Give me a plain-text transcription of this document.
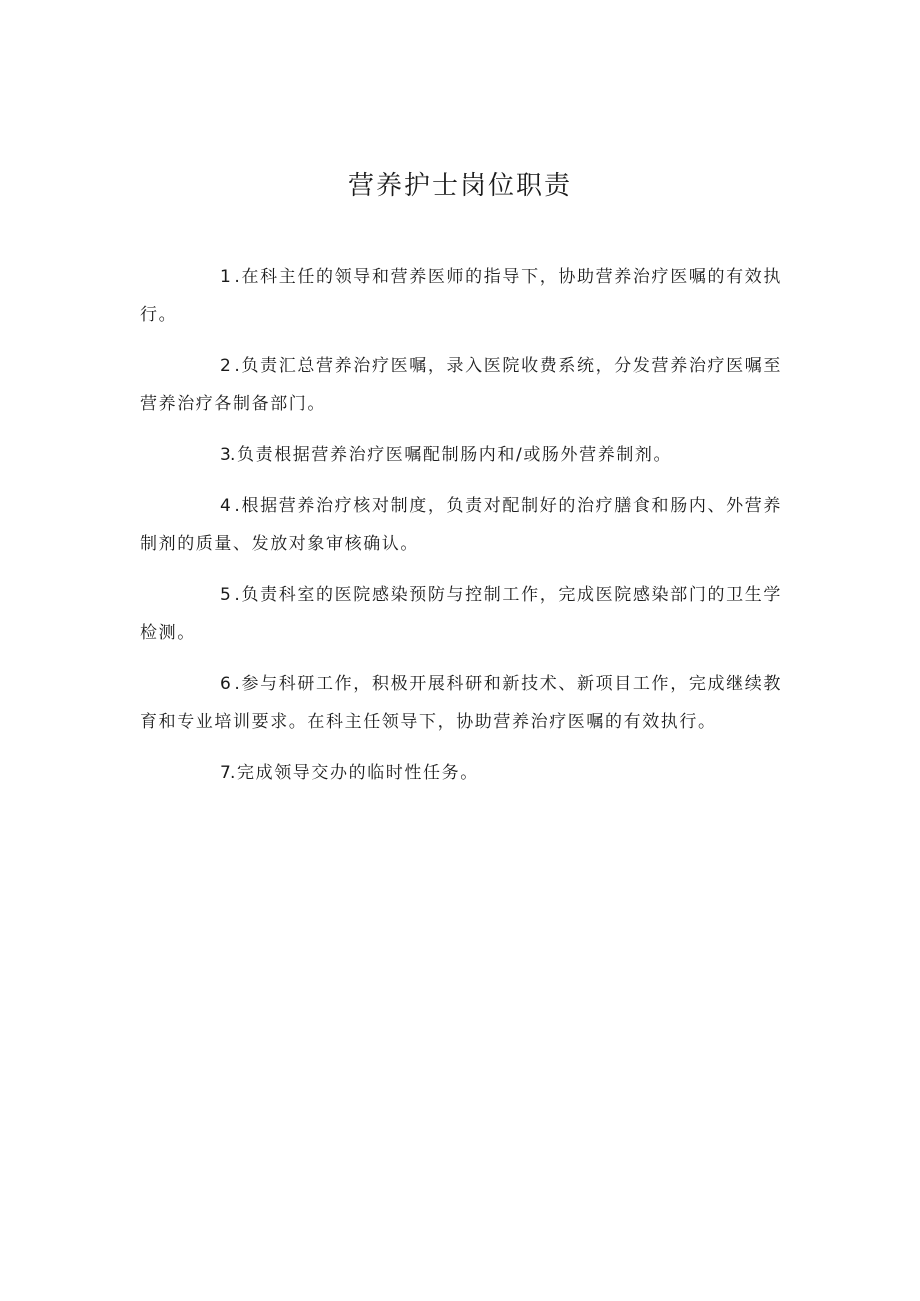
营养护士岗位职责

1 .在科主任的领导和营养医师的指导下，协助营养治疗医嘱的有效执行。

2 .负责汇总营养治疗医嘱，录入医院收费系统，分发营养治疗医嘱至营养治疗各制备部门。

3.负责根据营养治疗医嘱配制肠内和/或肠外营养制剂。

4 .根据营养治疗核对制度，负责对配制好的治疗膳食和肠内、外营养制剂的质量、发放对象审核确认。

5 .负责科室的医院感染预防与控制工作，完成医院感染部门的卫生学检测。

6 .参与科研工作，积极开展科研和新技术、新项目工作，完成继续教育和专业培训要求。在科主任领导下，协助营养治疗医嘱的有效执行。

7.完成领导交办的临时性任务。
